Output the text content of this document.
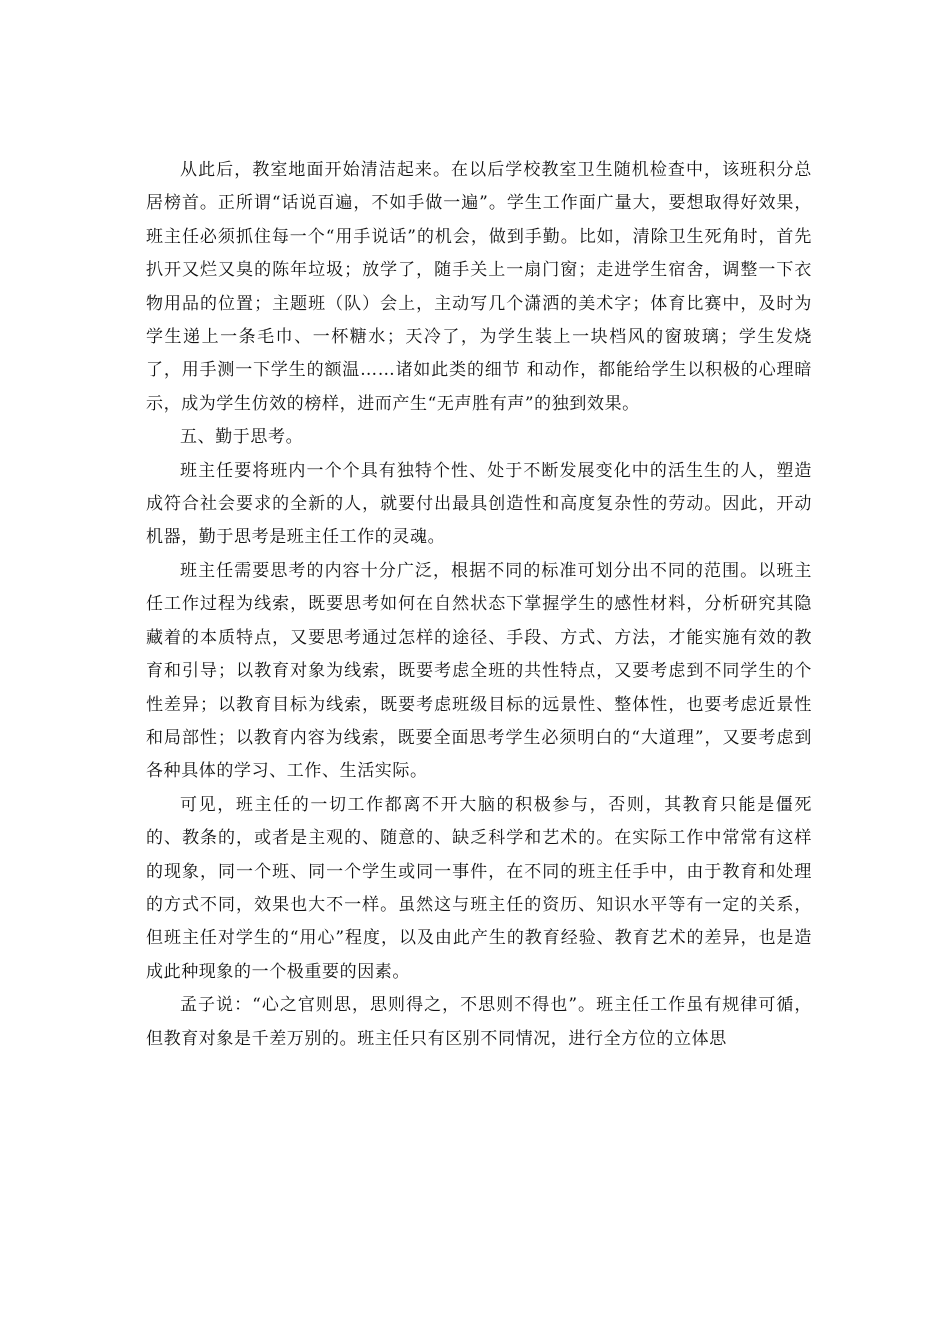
从此后，教室地面开始清洁起来。在以后学校教室卫生随机检查中，该班积分总居榜首。正所谓“话说百遍，不如手做一遍”。学生工作面广量大，要想取得好效果，班主任必须抓住每一个“用手说话”的机会，做到手勤。比如，清除卫生死角时，首先扒开又烂又臭的陈年垃圾；放学了，随手关上一扇门窗；走进学生宿舍，调整一下衣物用品的位置；主题班（队）会上，主动写几个潇洒的美术字；体育比赛中，及时为学生递上一条毛巾、一杯糖水；天冷了，为学生装上一块档风的窗玻璃；学生发烧了，用手测一下学生的额温……诸如此类的细节 和动作，都能给学生以积极的心理暗示，成为学生仿效的榜样，进而产生“无声胜有声”的独到效果。

五、勤于思考。

班主任要将班内一个个具有独特个性、处于不断发展变化中的活生生的人，塑造成符合社会要求的全新的人，就要付出最具创造性和高度复杂性的劳动。因此，开动机器，勤于思考是班主任工作的灵魂。

班主任需要思考的内容十分广泛，根据不同的标准可划分出不同的范围。以班主任工作过程为线索，既要思考如何在自然状态下掌握学生的感性材料，分析研究其隐藏着的本质特点，又要思考通过怎样的途径、手段、方式、方法，才能实施有效的教育和引导；以教育对象为线索，既要考虑全班的共性特点，又要考虑到不同学生的个性差异；以教育目标为线索，既要考虑班级目标的远景性、整体性，也要考虑近景性和局部性；以教育内容为线索，既要全面思考学生必须明白的“大道理”，又要考虑到各种具体的学习、工作、生活实际。

可见，班主任的一切工作都离不开大脑的积极参与，否则，其教育只能是僵死的、教条的，或者是主观的、随意的、缺乏科学和艺术的。在实际工作中常常有这样的现象，同一个班、同一个学生或同一事件，在不同的班主任手中，由于教育和处理的方式不同，效果也大不一样。虽然这与班主任的资历、知识水平等有一定的关系，但班主任对学生的“用心”程度，以及由此产生的教育经验、教育艺术的差异，也是造成此种现象的一个极重要的因素。

孟子说：“心之官则思，思则得之，不思则不得也”。班主任工作虽有规律可循，但教育对象是千差万别的。班主任只有区别不同情况，进行全方位的立体思
